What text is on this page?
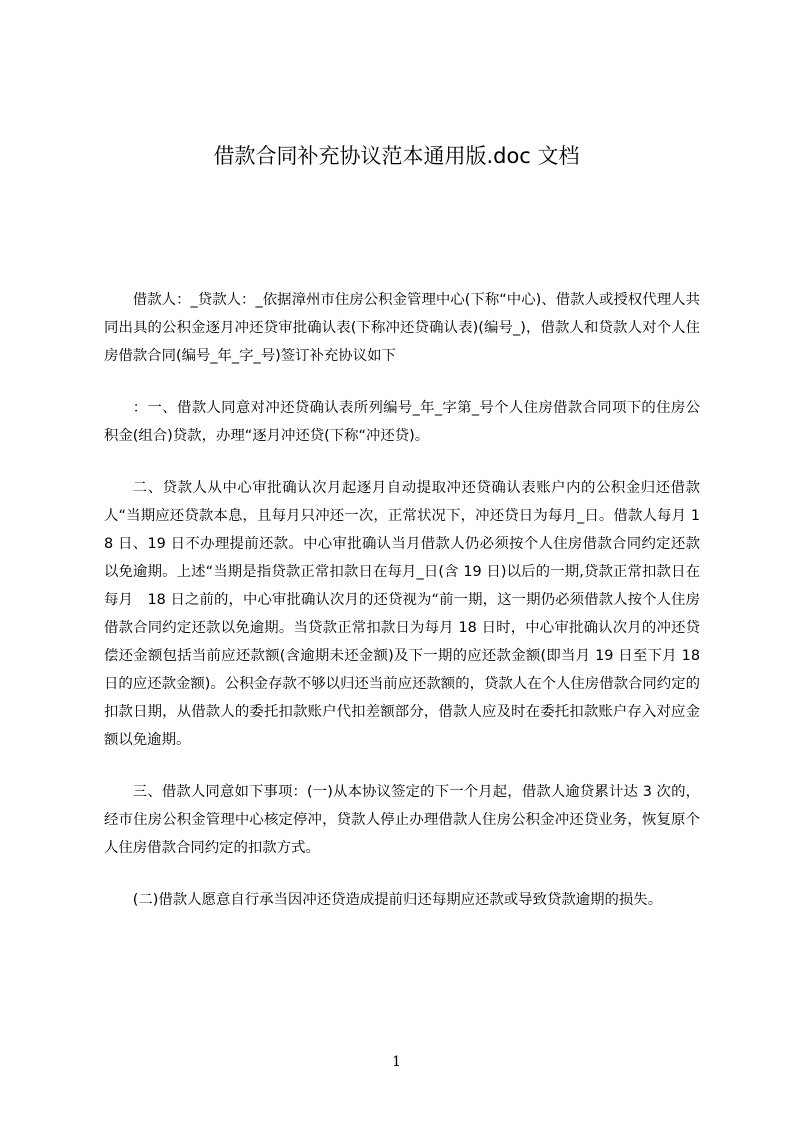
借款合同补充协议范本通用版.doc 文档

借款人：_贷款人：_依据漳州市住房公积金管理中心(下称“中心)、借款人或授权代理人共同出具的公积金逐月冲还贷审批确认表(下称冲还贷确认表)(编号_)，借款人和贷款人对个人住房借款合同(编号_年_字_号)签订补充协议如下

：一、借款人同意对冲还贷确认表所列编号_年_字第_号个人住房借款合同项下的住房公积金(组合)贷款，办理“逐月冲还贷(下称“冲还贷)。

二、贷款人从中心审批确认次月起逐月自动提取冲还贷确认表账户内的公积金归还借款人“当期应还贷款本息，且每月只冲还一次，正常状况下，冲还贷日为每月_日。借款人每月 18 日、19 日不办理提前还款。中心审批确认当月借款人仍必须按个人住房借款合同约定还款以免逾期。上述“当期是指贷款正常扣款日在每月_日(含 19 日)以后的一期,贷款正常扣款日在每月　18 日之前的，中心审批确认次月的还贷视为“前一期，这一期仍必须借款人按个人住房借款合同约定还款以免逾期。当贷款正常扣款日为每月 18 日时，中心审批确认次月的冲还贷偿还金额包括当前应还款额(含逾期未还金额)及下一期的应还款金额(即当月 19 日至下月 18 日的应还款金额)。公积金存款不够以归还当前应还款额的，贷款人在个人住房借款合同约定的扣款日期，从借款人的委托扣款账户代扣差额部分，借款人应及时在委托扣款账户存入对应金额以免逾期。

三、借款人同意如下事项：(一)从本协议签定的下一个月起，借款人逾贷累计达 3 次的，经市住房公积金管理中心核定停冲，贷款人停止办理借款人住房公积金冲还贷业务，恢复原个人住房借款合同约定的扣款方式。

(二)借款人愿意自行承当因冲还贷造成提前归还每期应还款或导致贷款逾期的损失。

1
